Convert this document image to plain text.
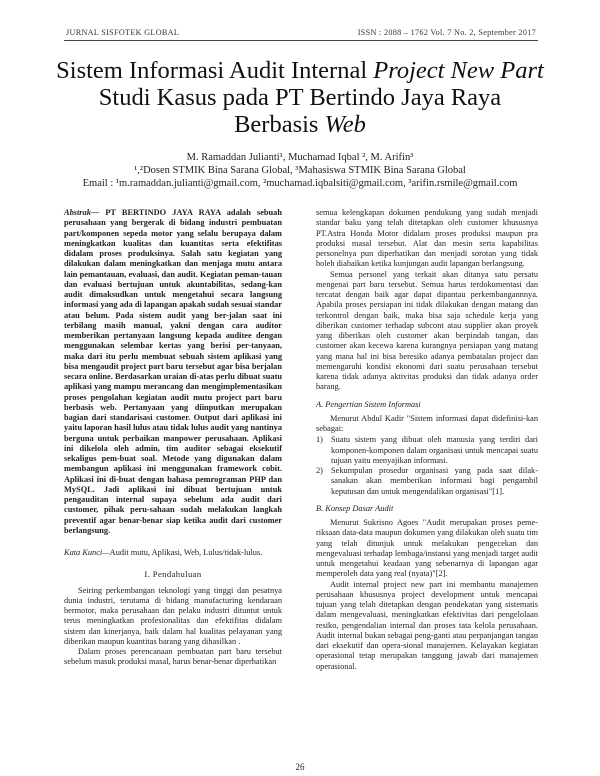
JURNAL SISFOTEK GLOBAL	ISSN : 2088 – 1762 Vol. 7 No. 2, September 2017
Sistem Informasi Audit Internal Project New Part
Studi Kasus pada PT Bertindo Jaya Raya
Berbasis Web
M. Ramaddan Julianti¹, Muchamad Iqbal ², M. Arifin³
¹,²Dosen STMIK Bina Sarana Global, ³Mahasiswa STMIK Bina Sarana Global
Email : ¹m.ramaddan.julianti@gmail.com, ²muchamad.iqbalsiti@gmail.com, ³arifin.rsmile@gmail.com

Abstrak— PT BERTINDO JAYA RAYA adalah sebuah perusahaan yang bergerak di bidang industri pembuatan part/komponen sepeda motor yang selalu berupaya dalam meningkatkan kualitas dan kuantitas serta efektifitas didalam proses produksinya. Salah satu kegiatan yang dilakukan dalam meningkatkan dan menjaga mutu antara lain pemantauan, evaluasi, dan audit. Kegiatan peman-tauan dan evaluasi bertujuan untuk akuntabilitas, sedang-kan audit dimaksudkan untuk mengetahui secara langsung informasi yang ada di lapangan apakah sudah sesuai standar atau belum. Pada sistem audit yang ber-jalan saat ini terbilang masih manual, yakni dengan cara auditor memberikan pertanyaan langsung kepada auditee dengan menggunakan selembar kertas yang berisi per-tanyaan, maka dari itu perlu membuat sebuah sistem aplikasi yang bisa mengaudit project part baru tersebut agar bisa berjalan secara online. Berdasarkan uraian di-atas perlu dibuat suatu aplikasi yang mampu merancang dan mengimplementasikan proses pengolahan kegiatan audit mutu project part baru berbasis web. Pertanyaan yang diinputkan merupakan bagian dari standarisasi customer. Output dari aplikasi ini yaitu laporan hasil lulus atau tidak lulus audit yang nantinya berguna untuk perbaikan manpower perusahaan. Aplikasi ini dikelola oleh admin, tim auditor sebagai eksekutif sekaligus pem-buat soal. Metode yang digunakan dalam membangun aplikasi ini menggunakan framework cobit. Aplikasi ini di-buat dengan bahasa pemrograman PHP dan MySQL. Jadi aplikasi ini dibuat bertujuan untuk pengauditan internal supaya sebelum ada audit dari customer, pihak peru-sahaan sudah melakukan langkah preventif agar benar-benar siap ketika audit dari customer berlangsung.

Kata Kunci—Audit mutu, Aplikasi, Web, Lulus/tidak-lulus.

I. Pendahuluan

Seiring perkembangan teknologi yang tinggi dan pesatnya dunia industri, terutama di bidang manufacturing kendaraan bermotor, maka perusahaan dan pelaku industri dituntut untuk terus meningkatkan profesionalitas dan efektifitas didalam sistem dan kinerjanya, baik dalam hal kualitas pelayanan yang diberikan maupun kuantitas barang yang dihasilkan .

Dalam proses perencanaan pembuatan part baru tersebut sebelum masuk produksi masal, harus benar-benar diperhatikan

semua kelengkapan dokumen pendukung yang sudah menjadi standar baku yang telah ditetapkan oleh customer khususnya PT.Astra Honda Motor didalam proses produksi maupun pra produksi masal tersebut. Alat dan mesin serta kapabilitas personelnya pun diperhatikan dan menjadi sorotan yang tidak boleh diabaikan ketika kunjungan audit lapangan berlangsung.

Semua personel yang terkait akan ditanya satu persatu mengenai part baru tersebut. Semua harus terdokumentasi dan tercatat dengan baik agar dapat dipantau perkembangannnya. Apabila proses persiapan ini tidak dilakukan dengan matang dan terkontrol dengan baik, maka bisa saja schedule kerja yang diberikan customer terhadap subcont atau supplier akan proyek yang diberikan oleh customer akan berpindah tangan, dan customer akan kecewa karena kurangnya persiapan yang matang yang mana hal ini bisa beresiko adanya pembatalan project dan memengaruhi kondisi ekonomi dari suatu perusahaan tersebut karena tidak adanya aktivitas produksi dan tidak adanya order barang.

A. Pengertian Sistem Informasi

Menurut Abdul Kadir "Sistem informasi dapat didefinisi-kan sebagai:

1) Suatu sistem yang dibuat oleh manusia yang terdiri dari komponen-komponen dalam organisasi untuk mencapai suatu tujuan yaitu menyajikan informasi.
2) Sekumpulan prosedur organisasi yang pada saat dilak-sanakan akan memberikan informasi bagi pengambil keputusan dan untuk mengendalikan organisasi"[1].

B. Konsep Dasar Audit

Menurut Sukrisno Agoes "Audit merupakan proses peme-riksaan data-data maupun dokumen yang dilakukan oleh suatu tim yang telah ditunjuk untuk melakukan pengecekan dan mengevaluasi terhadap lembaga/instansi yang menjadi target audit untuk mengetahui keadaan yang sebenarnya di lapangan agar memperoleh data yang real (nyata)"[2].

Audit internal project new part ini membantu manajemen perusahaan khususnya project development untuk mencapai tujuan yang telah ditetapkan dengan pendekatan yang sistematis dalam mengevaluasi, meningkatkan efektivitas dari pengelolaan resiko, pengendalian internal dan proses tata kelola perusahaan. Audit internal bukan sebagai peng-ganti atau perpanjangan tangan dari eksekutif dan opera-sional manajemen. Kelayakan kegiatan operasional tetap merupakan tanggung jawab dari manajemen operasional.

26
